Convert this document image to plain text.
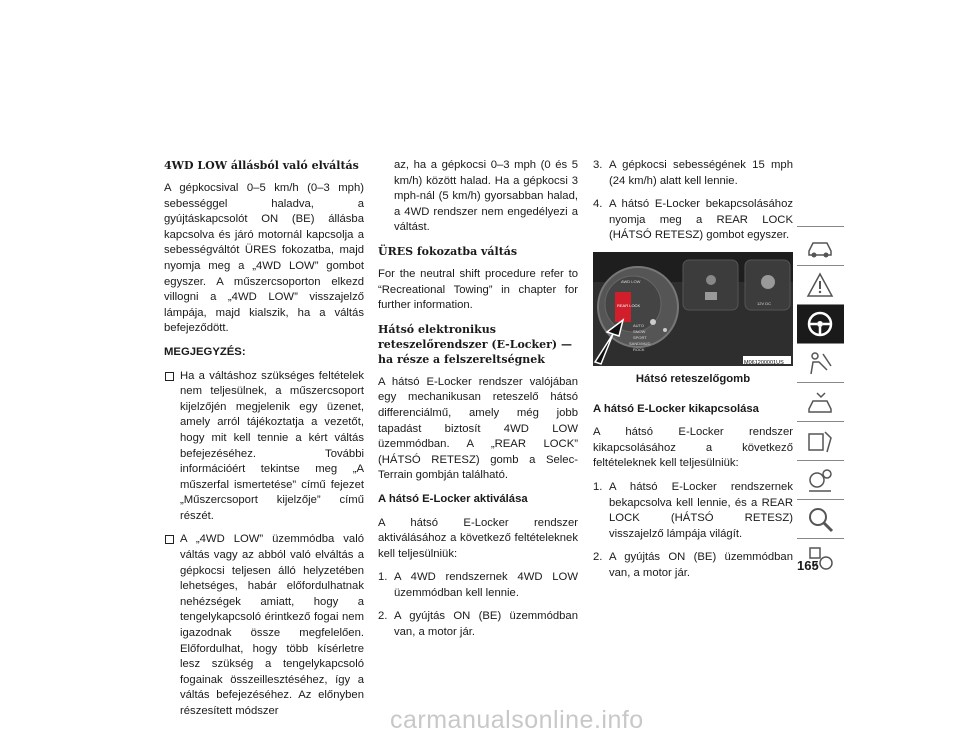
4WD LOW állásból való elváltás

A gépkocsival 0–5 km/h (0–3 mph) sebességgel haladva, a gyújtáskapcsolót ON (BE) állásba kapcsolva és járó motornál kapcsolja a sebességváltót ÜRES fokozatba, majd nyomja meg a „4WD LOW” gombot egyszer. A műszercsoporton elkezd villogni a „4WD LOW” visszajelző lámpája, majd kialszik, ha a váltás befejeződött.

MEGJEGYZÉS:
Ha a váltáshoz szükséges feltételek nem teljesülnek, a műszercsoport kijelzőjén megjelenik egy üzenet, amely arról tájékoztatja a vezetőt, hogy mit kell tennie a kért váltás befejezéséhez. További információért tekintse meg „A műszerfal ismertetése” című fejezet „Műszercsoport kijelzője” című részét.
A „4WD LOW” üzemmódba való váltás vagy az abból való elváltás a gépkocsi teljesen álló helyzetében lehetséges, habár előfordulhatnak nehézségek amiatt, hogy a tengelykapcsoló érintkező fogai nem igazodnak össze megfelelően. Előfordulhat, hogy több kísérletre lesz szükség a tengelykapcsoló fogainak összeillesztéséhez, így a váltás befejezéséhez. Az előnyben részesített módszer

az, ha a gépkocsi 0–3 mph (0 és 5 km/h) között halad. Ha a gépkocsi 3 mph-nál (5 km/h) gyorsabban halad, a 4WD rendszer nem engedélyezi a váltást.

ÜRES fokozatba váltás

For the neutral shift procedure refer to “Recreational Towing” in chapter for further information.

Hátsó elektronikus reteszelőrendszer (E-Locker) — ha része a felszereltségnek

A hátsó E-Locker rendszer valójában egy mechanikusan reteszelő hátsó differenciálmű, amely még jobb tapadást biztosít 4WD LOW üzemmódban. A „REAR LOCK” (HÁTSÓ RETESZ) gomb a Selec-Terrain gombján található.

A hátsó E-Locker aktiválása

A hátsó E-Locker rendszer aktiválásához a következő feltételeknek kell teljesülniük:

1. A 4WD rendszernek 4WD LOW üzemmódban kell lennie.
2. A gyújtás ON (BE) üzemmódban van, a motor jár.
3. A gépkocsi sebességének 15 mph (24 km/h) alatt kell lennie.
4. A hátsó E-Locker bekapcsolásához nyomja meg a REAR LOCK (HÁTSÓ RETESZ) gombot egyszer.
AWD LOW
REAR LOCK
AUTO
SNOW
SPORT
SAND/MUD
ROCK
12V DC
M061200001US
Hátsó reteszelőgomb
A hátsó E-Locker kikapcsolása

A hátsó E-Locker rendszer kikapcsolásához a következő feltételeknek kell teljesülniük:

1. A hátsó E-Locker rendszernek bekapcsolva kell lennie, és a REAR LOCK (HÁTSÓ RETESZ) visszajelző lámpája világít.
2. A gyújtás ON (BE) üzemmódban van, a motor jár.	165
carmanualsonline.info
